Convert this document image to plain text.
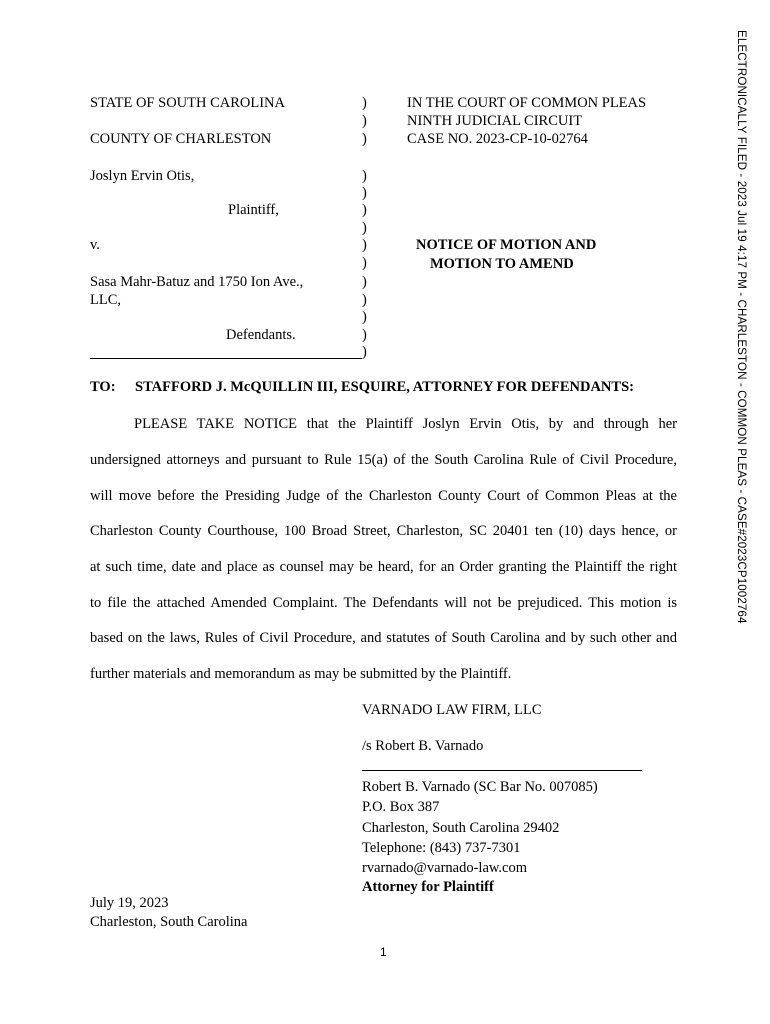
ELECTRONICALLY FILED - 2023 Jul 19 4:17 PM - CHARLESTON - COMMON PLEAS - CASE#2023CP1002764
STATE OF SOUTH CAROLINA
COUNTY OF CHARLESTON
Joslyn Ervin Otis,
Plaintiff,
v.
Sasa Mahr-Batuz and 1750 Ion Ave.,
LLC,
Defendants.
)
)
)
)
)
)
)
)
)
)
)
)
)
)
IN THE COURT OF COMMON PLEAS
NINTH JUDICIAL CIRCUIT
CASE NO. 2023-CP-10-02764
NOTICE OF MOTION AND
MOTION TO AMEND
TO: STAFFORD J. McQUILLIN III, ESQUIRE, ATTORNEY FOR DEFENDANTS:
PLEASE TAKE NOTICE that the Plaintiff Joslyn Ervin Otis, by and through her
undersigned attorneys and pursuant to Rule 15(a) of the South Carolina Rule of Civil Procedure,
will move before the Presiding Judge of the Charleston County Court of Common Pleas at the
Charleston County Courthouse, 100 Broad Street, Charleston, SC 20401 ten (10) days hence, or
at such time, date and place as counsel may be heard, for an Order granting the Plaintiff the right
to file the attached Amended Complaint. The Defendants will not be prejudiced. This motion is
based on the laws, Rules of Civil Procedure, and statutes of South Carolina and by such other and
further materials and memorandum as may be submitted by the Plaintiff.
VARNADO LAW FIRM, LLC
/s Robert B. Varnado
Robert B. Varnado (SC Bar No. 007085)
P.O. Box 387
Charleston, South Carolina 29402
Telephone: (843) 737-7301
rvarnado@varnado-law.com
Attorney for Plaintiff
July 19, 2023
Charleston, South Carolina
1
